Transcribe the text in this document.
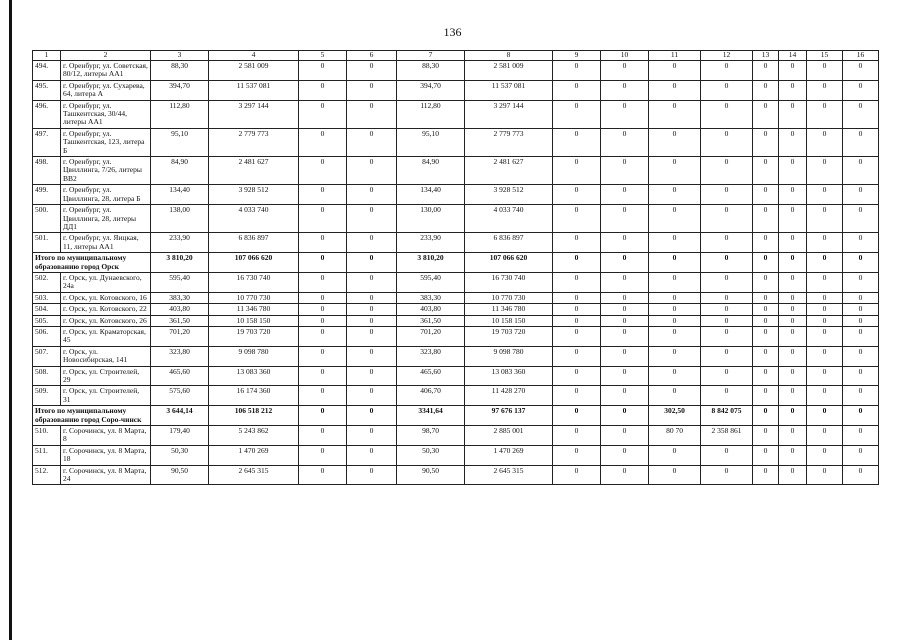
136
1	2	3	4	5	6	7	8	9	10	11	12	13	14	15	16
494.	г. Оренбург, ул. Советская, 80/12, литеры АА1	88,30	2 581 009	0	0	88,30	2 581 009	0	0	0	0	0	0	0	0
495.	г. Оренбург, ул. Сухарева, 64, литера А	394,70	11 537 081	0	0	394,70	11 537 081	0	0	0	0	0	0	0	0
496.	г. Оренбург, ул. Ташкентская, 30/44, литеры АА1	112,80	3 297 144	0	0	112,80	3 297 144	0	0	0	0	0	0	0	0
497.	г. Оренбург, ул. Ташкентская, 123, литера Б	95,10	2 779 773	0	0	95,10	2 779 773	0	0	0	0	0	0	0	0
498.	г. Оренбург, ул. Цвиллинга, 7/26, литеры ВВ2	84,90	2 481 627	0	0	84,90	2 481 627	0	0	0	0	0	0	0	0
499.	г. Оренбург, ул. Цвиллинга, 28, литера Б	134,40	3 928 512	0	0	134,40	3 928 512	0	0	0	0	0	0	0	0
500.	г. Оренбург, ул. Цвиллинга, 28, литеры ДД1	138,00	4 033 740	0	0	130,00	4 033 740	0	0	0	0	0	0	0	0
501.	г. Оренбург, ул. Яицкая, 11, литеры АА1	233,90	6 836 897	0	0	233,90	6 836 897	0	0	0	0	0	0	0	0
Итого по муниципальному образованию город Орск		3 810,20	107 066 620	0	0	3 810,20	107 066 620	0	0	0	0	0	0	0	0
502.	г. Орск, ул. Дунаевского, 24а	595,40	16 730 740	0	0	595,40	16 730 740	0	0	0	0	0	0	0	0
503.	г. Орск, ул. Котовского, 16	383,30	10 770 730	0	0	383,30	10 770 730	0	0	0	0	0	0	0	0
504.	г. Орск, ул. Котовского, 22	403,80	11 346 780	0	0	403,80	11 346 780	0	0	0	0	0	0	0	0
505.	г. Орск, ул. Котовского, 26	361,50	10 158 150	0	0	361,50	10 158 150	0	0	0	0	0	0	0	0
506.	г. Орск, ул. Краматорская, 45	701,20	19 703 720	0	0	701,20	19 703 720	0	0	0	0	0	0	0	0
507.	г. Орск, ул. Новосибирская, 141	323,80	9 098 780	0	0	323,80	9 098 780	0	0	0	0	0	0	0	0
508.	г. Орск, ул. Строителей, 29	465,60	13 083 360	0	0	465,60	13 083 360	0	0	0	0	0	0	0	0
509.	г. Орск, ул. Строителей, 31	575,60	16 174 360	0	0	406,70	11 428 270	0	0	0	0	0	0	0	0
Итого по муниципальному образованию город Соро-чинск		3 644,14	106 518 212	0	0	3341,64	97 676 137	0	0	302,50	8 842 075	0	0	0	0
510.	г. Сорочинск, ул. 8 Марта, 8	179,40	5 243 862	0	0	98,70	2 885 001	0	0	80 70	2 358 861	0	0	0	0
511.	г. Сорочинск, ул. 8 Марта, 18	50,30	1 470 269	0	0	50,30	1 470 269	0	0	0	0	0	0	0	0
512.	г. Сорочинск, ул. 8 Марта, 24	90,50	2 645 315	0	0	90,50	2 645 315	0	0	0	0	0	0	0	0
